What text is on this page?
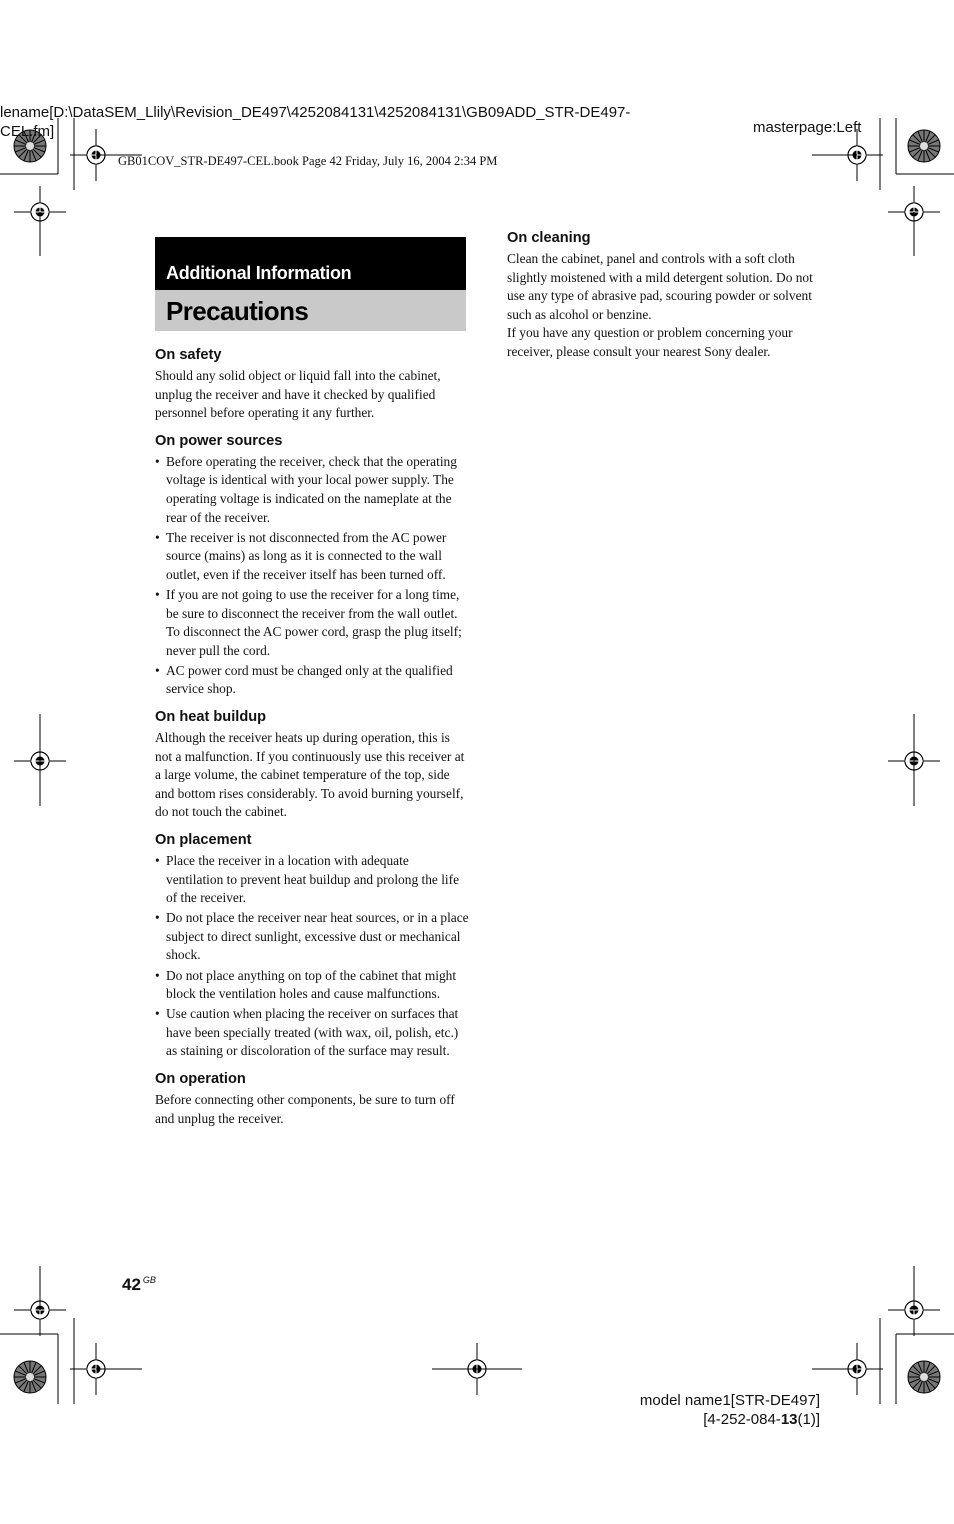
lename[D:\DataSEM_Llily\Revision_DE497\4252084131\4252084131\GB09ADD_STR-DE497-
CEL.fm]	masterpage:Left
GB01COV_STR-DE497-CEL.book Page 42 Friday, July 16, 2004 2:34 PM
Additional Information
Precautions
On safety

Should any solid object or liquid fall into the cabinet, unplug the receiver and have it checked by qualified personnel before operating it any further.

On power sources
• Before operating the receiver, check that the operating voltage is identical with your local power supply. The operating voltage is indicated on the nameplate at the rear of the receiver.
• The receiver is not disconnected from the AC power source (mains) as long as it is connected to the wall outlet, even if the receiver itself has been turned off.
• If you are not going to use the receiver for a long time, be sure to disconnect the receiver from the wall outlet. To disconnect the AC power cord, grasp the plug itself; never pull the cord.
• AC power cord must be changed only at the qualified service shop.
On heat buildup

Although the receiver heats up during operation, this is not a malfunction. If you continuously use this receiver at a large volume, the cabinet temperature of the top, side and bottom rises considerably. To avoid burning yourself, do not touch the cabinet.

On placement
• Place the receiver in a location with adequate ventilation to prevent heat buildup and prolong the life of the receiver.
• Do not place the receiver near heat sources, or in a place subject to direct sunlight, excessive dust or mechanical shock.
• Do not place anything on top of the cabinet that might block the ventilation holes and cause malfunctions.
• Use caution when placing the receiver on surfaces that have been specially treated (with wax, oil, polish, etc.) as staining or discoloration of the surface may result.
On operation

Before connecting other components, be sure to turn off and unplug the receiver.

On cleaning

Clean the cabinet, panel and controls with a soft cloth slightly moistened with a mild detergent solution. Do not use any type of abrasive pad, scouring powder or solvent such as alcohol or benzine.

If you have any question or problem concerning your receiver, please consult your nearest Sony dealer.

42 $^{GB}$
model name1[STR-DE497]
[4-252-084-13(1)]
